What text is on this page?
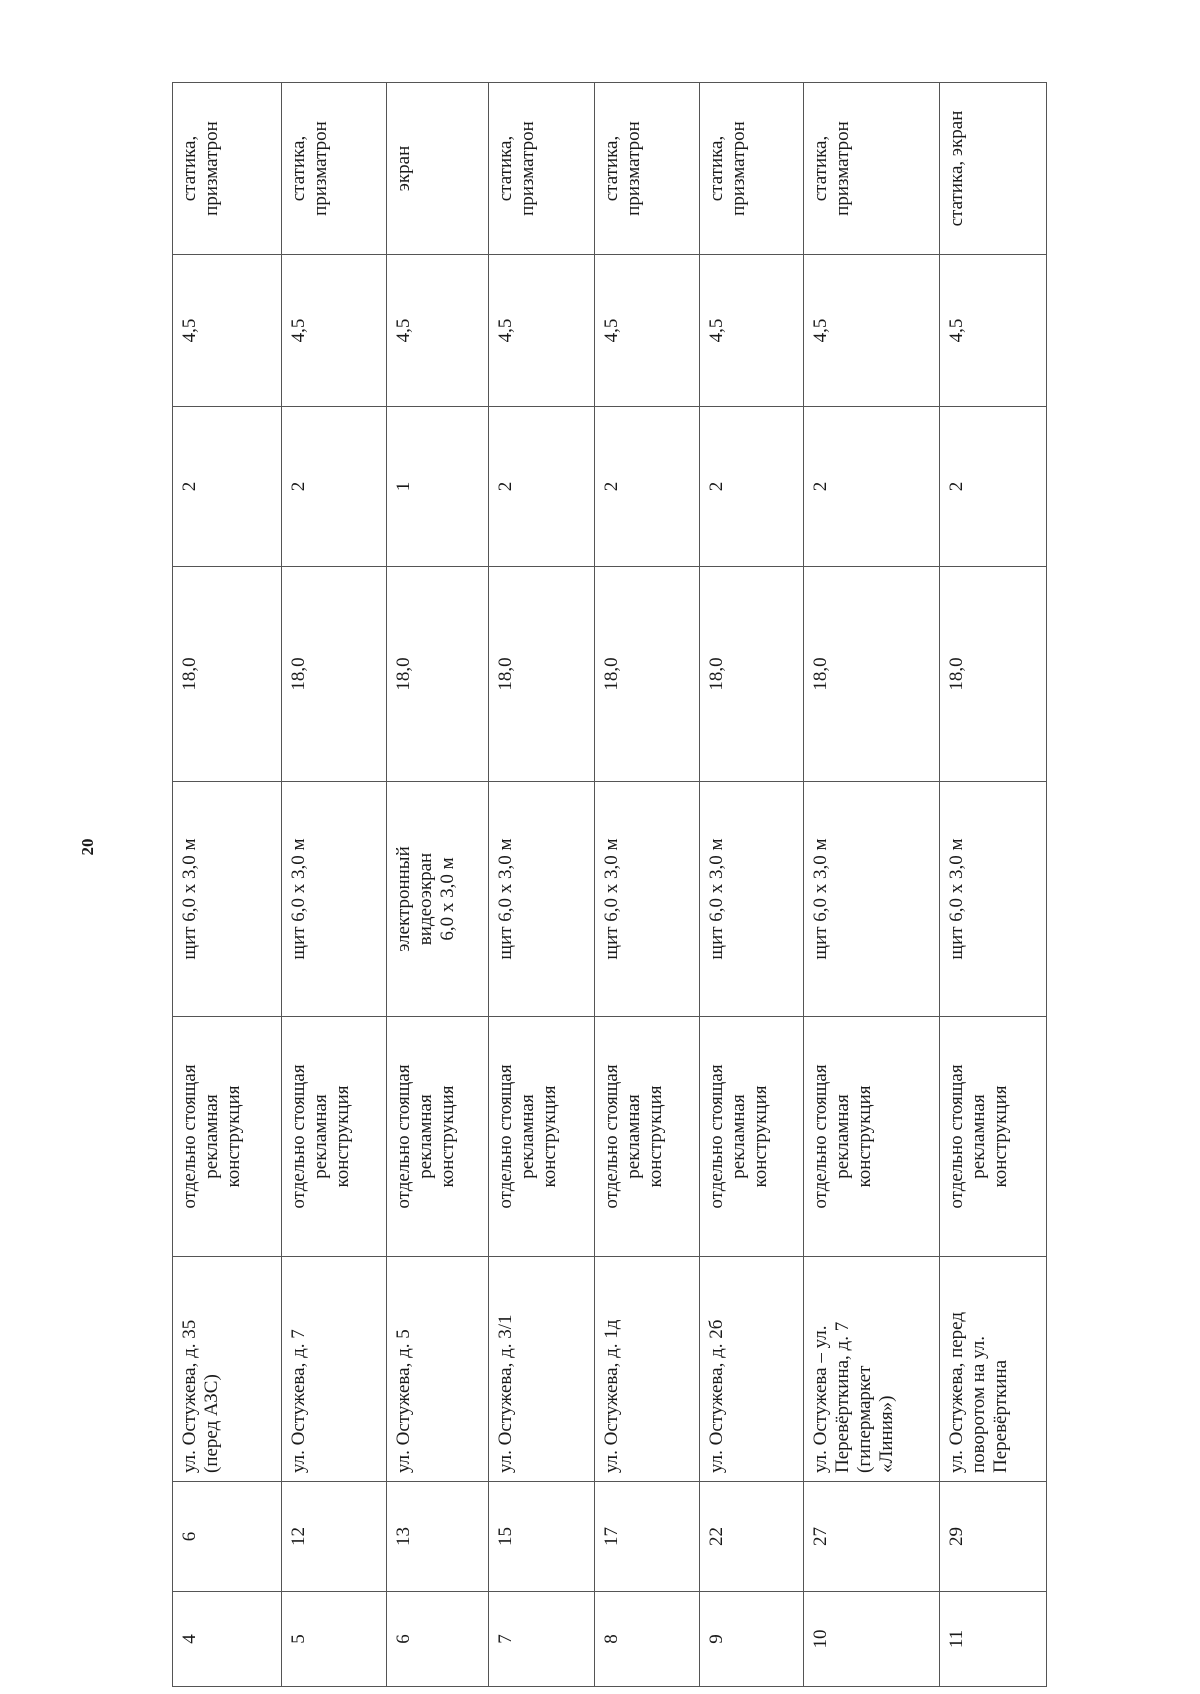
20
4	6	ул. Остужева, д. 35 (перед АЗС)	отдельно стоящая рекламная конструкция	щит 6,0 х 3,0 м	18,0	2	4,5	статика, призматрон

5	12	ул. Остужева, д. 7	отдельно стоящая рекламная конструкция	щит 6,0 х 3,0 м	18,0	2	4,5	статика, призматрон

6	13	ул. Остужева, д. 5	отдельно стоящая рекламная конструкция	электронный видеоэкран 6,0 х 3,0 м	18,0	1	4,5	экран

7	15	ул. Остужева, д. 3/1	отдельно стоящая рекламная конструкция	щит 6,0 х 3,0 м	18,0	2	4,5	статика, призматрон

8	17	ул. Остужева, д. 1д	отдельно стоящая рекламная конструкция	щит 6,0 х 3,0 м	18,0	2	4,5	статика, призматрон

9	22	ул. Остужева, д. 2б	отдельно стоящая рекламная конструкция	щит 6,0 х 3,0 м	18,0	2	4,5	статика, призматрон

10	27	ул. Остужева – ул. Перевёрткина, д. 7 (гипермаркет «Линия»)	отдельно стоящая рекламная конструкция	щит 6,0 х 3,0 м	18,0	2	4,5	статика, призматрон

11	29	ул. Остужева, перед поворотом на ул. Перевёрткина	отдельно стоящая рекламная конструкция	щит 6,0 х 3,0 м	18,0	2	4,5	статика, экран
